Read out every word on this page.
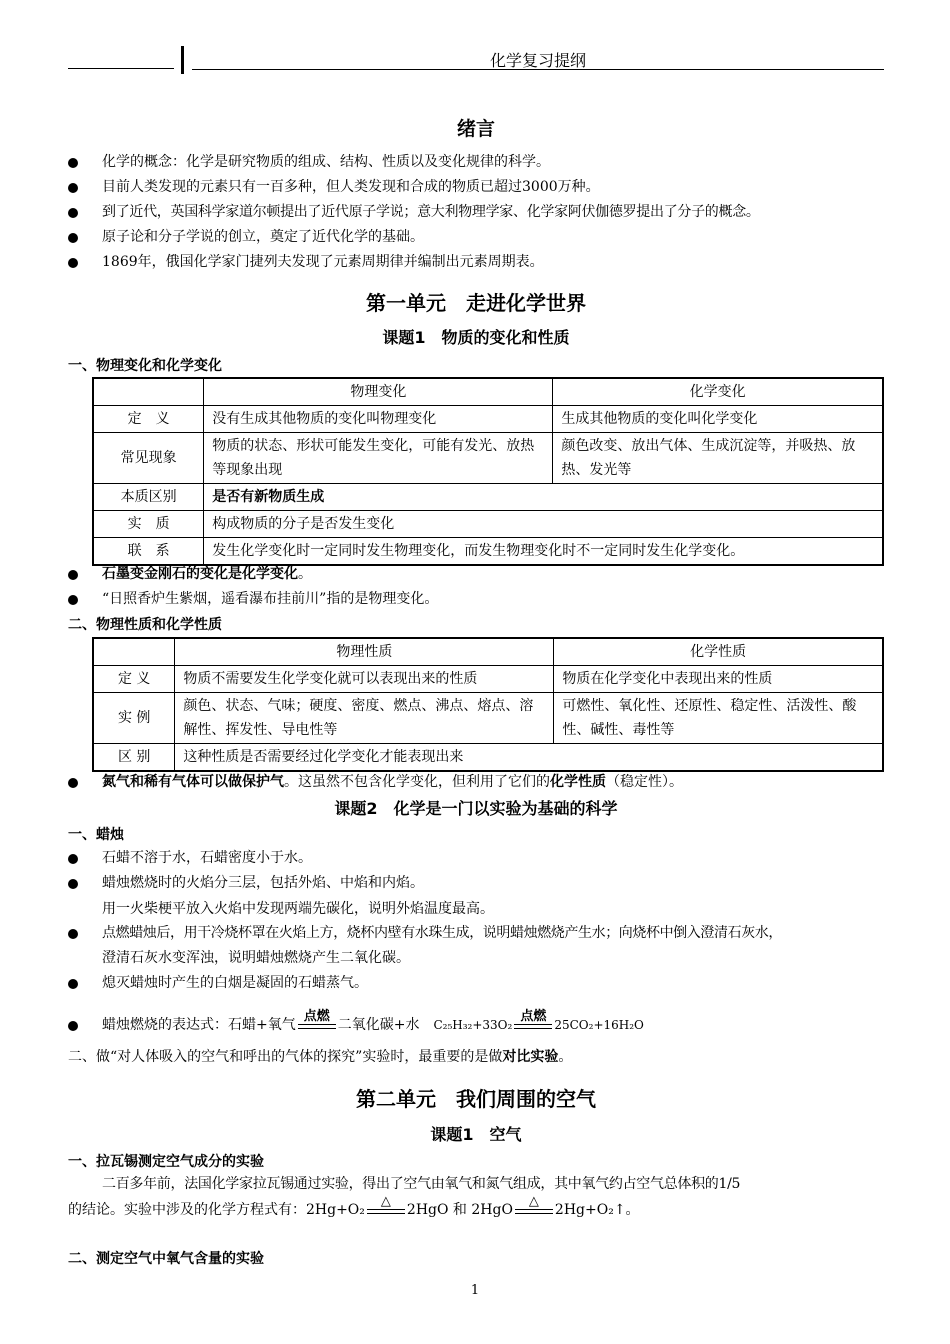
化学复习提纲
绪言
化学的概念：化学是研究物质的组成、结构、性质以及变化规律的科学。
目前人类发现的元素只有一百多种，但人类发现和合成的物质已超过3000万种。
到了近代，英国科学家道尔顿提出了近代原子学说；意大利物理学家、化学家阿伏伽德罗提出了分子的概念。
原子论和分子学说的创立，奠定了近代化学的基础。
1869年，俄国化学家门捷列夫发现了元素周期律并编制出元素周期表。
第一单元　走进化学世界
课题1　物质的变化和性质
一、物理变化和化学变化
	物理变化	化学变化
定　义	没有生成其他物质的变化叫物理变化	生成其他物质的变化叫化学变化
常见现象	物质的状态、形状可能发生变化，可能有发光、放热等现象出现	颜色改变、放出气体、生成沉淀等，并吸热、放热、发光等
本质区别	是否有新物质生成	
实　质	构成物质的分子是否发生变化	
联　系	发生化学变化时一定同时发生物理变化，而发生物理变化时不一定同时发生化学变化。	
石墨变金刚石的变化是化学变化。
“日照香炉生紫烟，遥看瀑布挂前川”指的是物理变化。
二、物理性质和化学性质
	物理性质	化学性质
定 义	物质不需要发生化学变化就可以表现出来的性质	物质在化学变化中表现出来的性质
实 例	颜色、状态、气味；硬度、密度、燃点、沸点、熔点、溶解性、挥发性、导电性等	可燃性、氧化性、还原性、稳定性、活泼性、酸性、碱性、毒性等
区 别	这种性质是否需要经过化学变化才能表现出来	
氮气和稀有气体可以做保护气。这虽然不包含化学变化，但利用了它们的化学性质（稳定性）。
课题2　化学是一门以实验为基础的科学
一、蜡烛
石蜡不溶于水，石蜡密度小于水。
蜡烛燃烧时的火焰分三层，包括外焰、中焰和内焰。
用一火柴梗平放入火焰中发现两端先碳化，说明外焰温度最高。
点燃蜡烛后，用干冷烧杯罩在火焰上方，烧杯内壁有水珠生成，说明蜡烛燃烧产生水；向烧杯中倒入澄清石灰水，
澄清石灰水变浑浊，说明蜡烛燃烧产生二氧化碳。
熄灭蜡烛时产生的白烟是凝固的石蜡蒸气。
蜡烛燃烧的表达式：石蜡+氧气
点燃
二氧化碳+水 C₂₅H₃₂+33O₂
点燃
25CO₂+16H₂O
二、做“对人体吸入的空气和呼出的气体的探究”实验时，最重要的是做对比实验。
第二单元　我们周围的空气
课题1　空气
一、拉瓦锡测定空气成分的实验
二百多年前，法国化学家拉瓦锡通过实验，得出了空气由氧气和氮气组成，其中氧气约占空气总体积的1/5
的结论。实验中涉及的化学方程式有：2Hg+O₂
△
2HgO 和 2HgO
△
2Hg+O₂↑。
二、测定空气中氧气含量的实验
1
